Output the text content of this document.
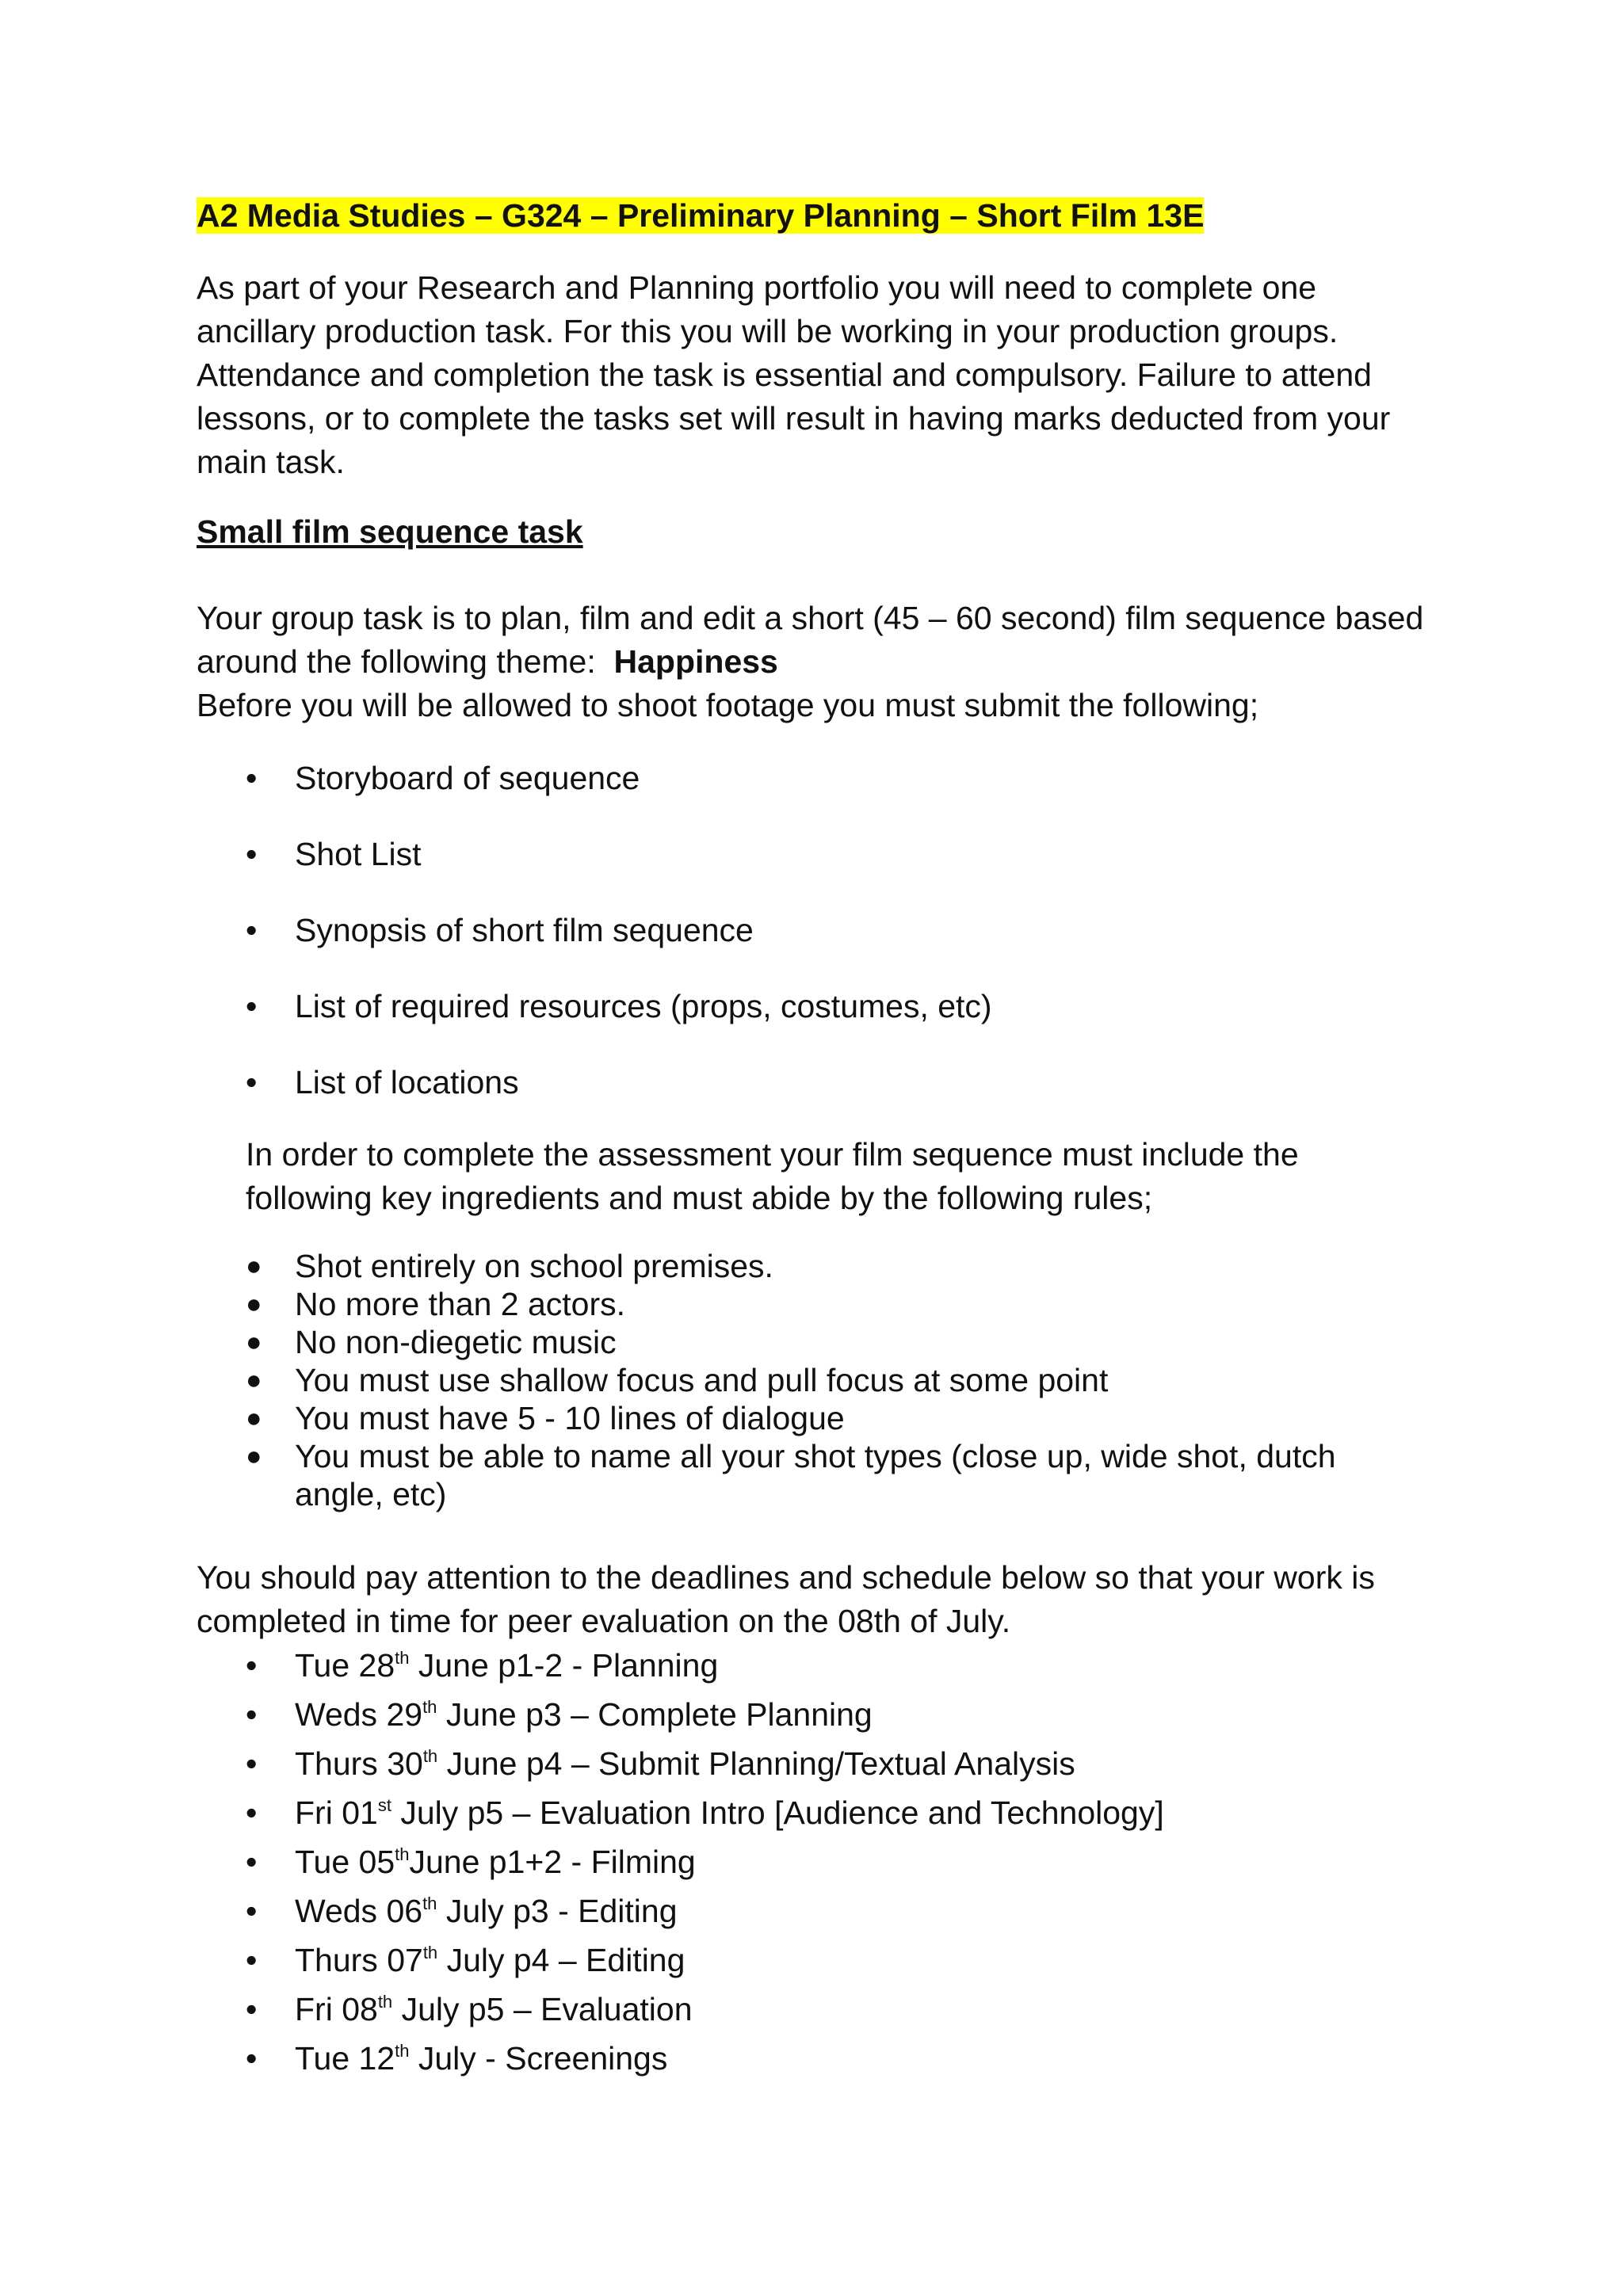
A2 Media Studies – G324 – Preliminary Planning – Short Film 13E

As part of your Research and Planning portfolio you will need to complete one ancillary production task. For this you will be working in your production groups. Attendance and completion the task is essential and compulsory. Failure to attend lessons, or to complete the tasks set will result in having marks deducted from your main task.

Small film sequence task

Your group task is to plan, film and edit a short (45 – 60 second) film sequence based around the following theme: Happiness
Before you will be allowed to shoot footage you must submit the following;

• Storyboard of sequence
• Shot List
• Synopsis of short film sequence
• List of required resources (props, costumes, etc)
• List of locations

In order to complete the assessment your film sequence must include the following key ingredients and must abide by the following rules;

● Shot entirely on school premises.
● No more than 2 actors.
● No non-diegetic music
● You must use shallow focus and pull focus at some point
● You must have 5 - 10 lines of dialogue
● You must be able to name all your shot types (close up, wide shot, dutch angle, etc)

You should pay attention to the deadlines and schedule below so that your work is completed in time for peer evaluation on the 08th of July.

• Tue 28th June p1-2 - Planning
• Weds 29th June p3 – Complete Planning
• Thurs 30th June p4 – Submit Planning/Textual Analysis
• Fri 01st July p5 – Evaluation Intro [Audience and Technology]
• Tue 05thJune p1+2 - Filming
• Weds 06th July p3 - Editing
• Thurs 07th July p4 – Editing
• Fri 08th July p5 – Evaluation
• Tue 12th July - Screenings
